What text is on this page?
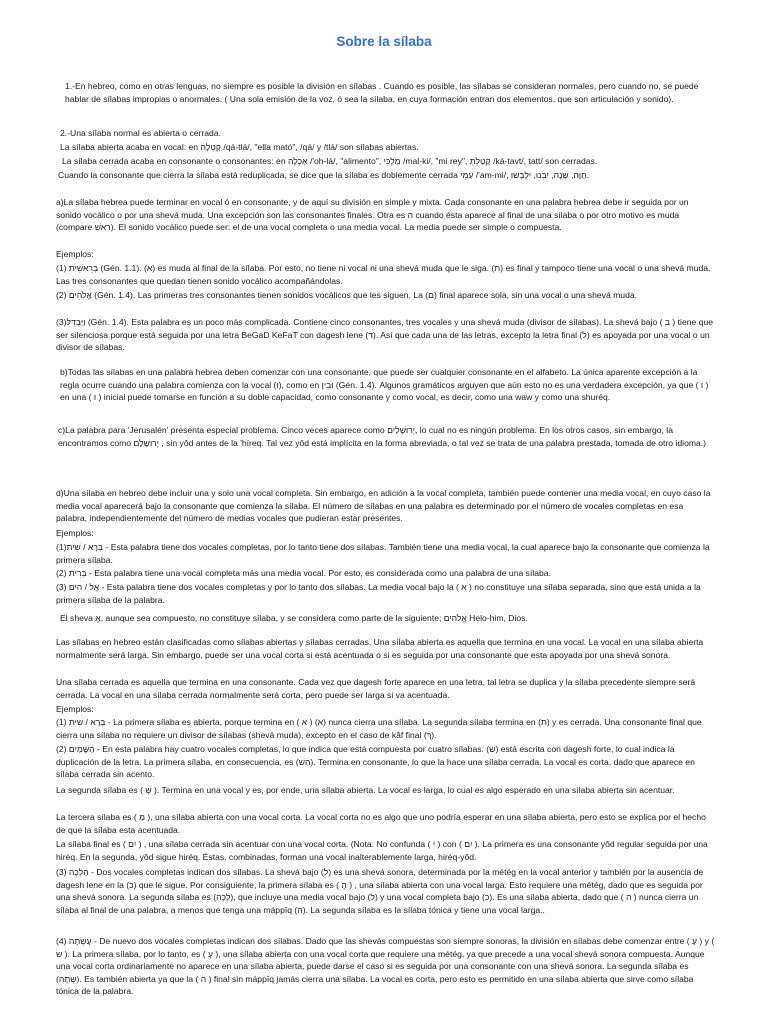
Sobre la sílaba

1.-En hebreo, como en otras lenguas, no siempre es posible la división en sílabas . Cuando es posible, las sílabas se consideran normales, pero cuando no, se puede hablar de sílabas impropias o anormales. ( Una sola emisión de la voz, ó sea la sílaba, en cuya formación entran dos elementos, que son articulación y sonido).

2.-Una sílaba normal es abierta o cerrada.

La sílaba abierta acaba en vocal: en קָטְלָה /qá-tlá/, "ella mató", /qá/ y /tlá/ son sílabas abiertas.

La sílaba cerrada acaba en consonante o consonantes: en אָכְלָה /'oh-lá/, "alimento", מַלְכִּי /mal-ki/, "mi rey", קָטַלְתְּ /ká-tavt/, taṭt/ son cerradas.

Cuando la consonante que cierra la sílaba está reduplicada, se dice que la sílaba es doblemente cerrada עַמִּי /'am-mi/, חַוָּה, שָׁנָה, יִבְּנוּ, יִלְבְּשׁוּ.

a)La sílaba hebrea puede terminar en vocal ó en consonante, y de aquí su división en simple y mixta. Cada consonante en una palabra hebrea debe ir seguida por un sonido vocálico o por una shevá muda. Una excepción son las consonantes finales. Otra es ה cuando ésta aparece al final de una sílaba o por otro motivo es muda (compare ראשׁ). El sonido vocálico puede ser: el de una vocal completa o una media vocal. La media puede ser simple o compuesta.

Ejemplos:

(1) בְּרֵאשִׁית (Gén. 1.1). (א) es muda al final de la sílaba. Por esto, no tiene ni vocal ni una shevá muda que le siga. (ת) es final y tampoco tiene una vocal o una shevá muda. Las tres consonantes que quedan tienen sonido vocálico acompañándolas.

(2) אֱלֹהִים (Gén. 1.4). Las primeras tres consonantes tienen sonidos vocálicos que les siguen. La (ם) final aparece sola, sin una vocal o una shevá muda.

(3)וַיַּבְדֵּל (Gén. 1.4). Esta palabra es un poco más complicada. Contiene cinco consonantes, tres vocales y una shevá muda (divisor de sílabas). La shevá bajo ( ב ) tiene que ser silenciosa porque está seguida por una letra BeGaD KeFaT con dagesh lene (ד). Así que cada una de las letras, excepto la letra final (ל) es apoyada por una vocal o un divisor de sílabas.

b)Todas las sílabas en una palabra hebrea deben comenzar con una consonante, que puede ser cualquier consonante en el alfabeto. La única aparente excepción a la regla ocurre cuando una palabra comienza con la vocal (וּ), como en וּבֵין (Gén. 1.4). Algunos gramáticos arguyen que aún esto no es una verdadera excepción, ya que ( ו ) en una ( וּ ) inicial puede tomarse en función a su doble capacidad, como consonante y como vocal, es decir, como una waw y como una shuréq.

c)La palabra para 'Jerusalén' presenta especial problema. Cinco veces aparece como יְרוּשָׁלַיִם, lo cual no es ningún problema. En los otros casos, sin embargo, la encontramos como יְרוּשָׁלַם , sin yôd antes de la 'híreq. Tal vez yôd está implícita en la forma abreviada, o tal vez se trata de una palabra prestada, tomada de otro idioma.)

d)Una sílaba en hebreo debe incluir una y solo una vocal completa. Sin embargo, en adición a la vocal completa, también puede contener una media vocal, en cuyo caso la media vocal aparecerá bajo la consonante que comienza la sílaba. El número de sílabas en una palabra es determinado por el número de vocales completas en esa palabra, independientemente del número de medias vocales que pudieran estar presentes.

Ejemplos:

(1)בְּרָא / שִׁית - Esta palabra tiene dos vocales completas, por lo tanto tiene dos sílabas. También tiene una media vocal, la cual aparece bajo la consonante que comienza la primera sílaba.

(2) בְּרִית - Esta palabra tiene una vocal completa más una media vocal. Por esto, es considerada como una palabra de una sílaba.

(3) אֱל / הִים - Esta palabra tiene dos vocales completas y por lo tanto dos sílabas. La media vocal bajo la ( א ) no constituye una sílaba separada, sino que está unida a la primera sílaba de la palabra.

El sheva אֱ, aunque sea compuesto, no constituye sílaba, y se considera como parte de la siguiente; אֱלֹהִים Helo-him, Dios.

Las sílabas en hebreo están clasificadas como sílabas abiertas y sílabas cerradas. Una sílaba abierta es aquella que termina en una vocal. La vocal en una sílaba abierta normalmente será larga. Sin embargo, puede ser una vocal corta si está acentuada o si es seguida por una consonante que esta apoyada por una shevá sonora.

Una sílaba cerrada es aquella que termina en una consonante. Cada vez que dagesh forte aparece en una letra, tal letra se duplica y la sílaba precedente siempre será cerrada. La vocal en una sílaba cerrada normalmente será corta, pero puede ser larga si va acentuada.

Ejemplos:

(1) בָּרָא / שִׁית - La primera sílaba es abierta, porque termina en ( א ) (א) nunca cierra una sílaba. La segunda sílaba termina en (ת) y es cerrada. Una consonante final que cierra una sílaba no requiere un divisor de sílabas (shevá muda), excepto en el caso de kâf final (ךְ).

(2) הַשָּׁמַיִם - En esta palabra hay cuatro vocales completas, lo que indica que está compuesta por cuatro sílabas. (שׁ) está escrita con dagesh forte, lo cual indica la duplicación de la letra. La primera sílaba, en consecuencia, es (הַשׁ). Termina en consonante, lo que la hace una sílaba cerrada. La vocal es corta, dado que aparece en sílaba cerrada sin acento.

La segunda sílaba es ( שָׁ ). Termina en una vocal y es, por ende, una sílaba abierta. La vocal es larga, lo cual es algo esperado en una sílaba abierta sin acentuar.

La tercera sílaba es ( מַ ), una sílaba abierta con una vocal corta. La vocal corta no es algo que uno podría esperar en una sílaba abierta, pero esto se explica por el hecho de que la sílaba esta acentuada.

La sílaba final es ( יִם ) , una sílaba cerrada sin acentuar con una vocal corta. (Nota: No confunda ( יִ ) con ( יִם ). La primera es una consonante yôd regular seguida por una hiréq. En la segunda, yôd sigue hiréq. Éstas, combinadas, forman una vocal inalterablemente larga, hiréq-yôd.

(3) הָלְכָה - Dos vocales completas indican dos sílabas. La shevá bajo (ל) es una shevá sonora, determinada por la métég en la vocal anterior y también por la ausencia de dagesh lene en la (כ) que le sigue. Por consiguiente, la primera sílaba es ( הָ ) , una sílaba abierta con una vocal larga. Esto requiere una métég, dado que es seguida por una shevá sonora. La segunda sílaba es (לְכָה), que incluye una media vocal bajo (ל) y una vocal completa bajo (כ). Es una sílaba abierta, dado que ( ה ) nunca cierra un sílaba al final de una palabra, a menos que tenga una máppîq (הּ). La segunda sílaba es la sílaba tónica y tiene una vocal larga..

(4) עָשְׂתָה - De nuevo dos vocales completas indican dos sílabas. Dado que las shevás compuestas son siempre sonoras, la división en sílabas debe comenzar entre ( עָ ) y ( שׂ ). La primera sílaba, por lo tanto, es ( עָ ), una sílaba abierta con una vocal corta que requiere una métég, ya que precede a una vocal shevá sonora compuesta. Aunque una vocal corta ordinariamente no aparece en una sílaba abierta, puede darse el caso si es seguida por una consonante con una shevá sonora. La segunda sílaba es (שְׂתָה). Es también abierta ya que la ( ה ) final sin máppîq jamás cierra una sílaba. La vocal es corta, pero esto es permitido en una sílaba abierta que sirve como sílaba tónica de la palabra.
